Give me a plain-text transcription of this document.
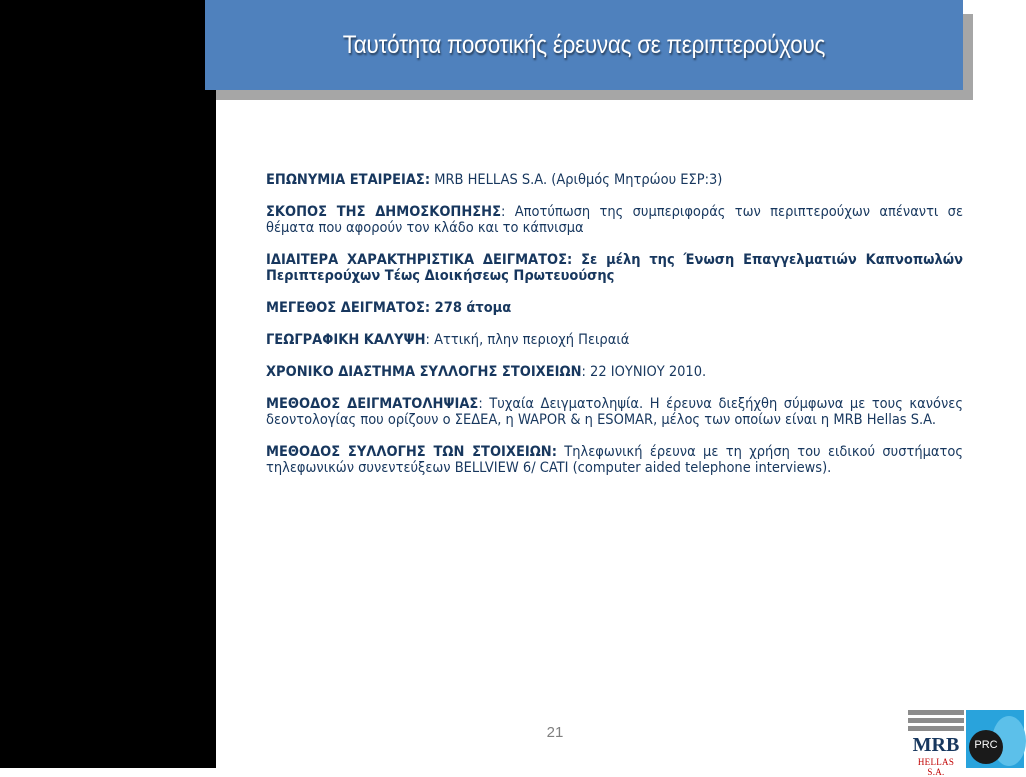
Ταυτότητα ποσοτικής έρευνας σε περιπτερούχους

ΕΠΩΝΥΜΙΑ ΕΤΑΙΡΕΙΑΣ: MRB HELLAS S.A. (Αριθμός Μητρώου ΕΣΡ:3)

ΣΚΟΠΟΣ ΤΗΣ ΔΗΜΟΣΚΟΠΗΣΗΣ: Αποτύπωση της συμπεριφοράς των περιπτερούχων απέναντι σε θέματα που αφορούν τον κλάδο και το κάπνισμα

ΙΔΙΑΙΤΕΡΑ ΧΑΡΑΚΤΗΡΙΣΤΙΚΑ ΔΕΙΓΜΑΤΟΣ: Σε μέλη της Ένωση Επαγγελματιών Καπνοπωλών Περιπτερούχων Τέως Διοικήσεως Πρωτευούσης

ΜΕΓΕΘΟΣ ΔΕΙΓΜΑΤΟΣ: 278 άτομα

ΓΕΩΓΡΑΦΙΚΗ ΚΑΛΥΨΗ: Αττική, πλην περιοχή Πειραιά

ΧΡΟΝΙΚΟ ΔΙΑΣΤΗΜΑ ΣΥΛΛΟΓΗΣ ΣΤΟΙΧΕΙΩΝ: 22 ΙΟΥΝΙΟΥ 2010.

ΜΕΘΟΔΟΣ ΔΕΙΓΜΑΤΟΛΗΨΙΑΣ: Τυχαία Δειγματοληψία. Η έρευνα διεξήχθη σύμφωνα με τους κανόνες δεοντολογίας που ορίζουν ο ΣΕΔΕΑ, η WAPOR & η ESOMAR, μέλος των οποίων είναι η MRB Hellas S.A.

ΜΕΘΟΔΟΣ ΣΥΛΛΟΓΗΣ ΤΩΝ ΣΤΟΙΧΕΙΩΝ: Τηλεφωνική έρευνα με τη χρήση του ειδικού συστήματος τηλεφωνικών συνεντεύξεων BELLVIEW 6/ CATI (computer aided telephone interviews).

21
MRB
HELLAS S.A.
PRC
